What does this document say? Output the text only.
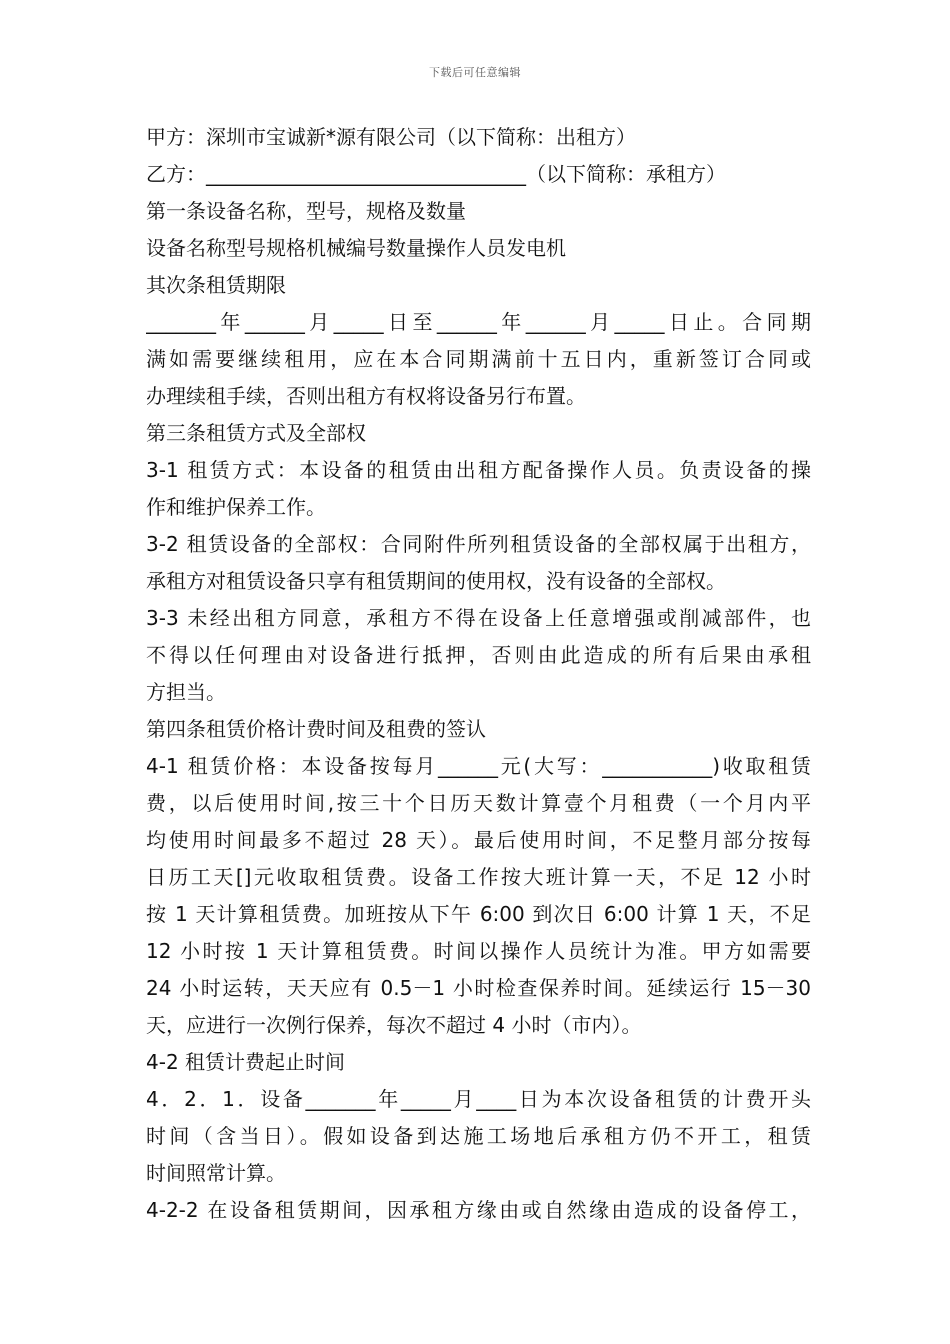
下载后可任意编辑
甲方：深圳市宝诚新*源有限公司（以下简称：出租方）
乙方：________________________________（以下简称：承租方）
第一条设备名称，型号，规格及数量
设备名称型号规格机械编号数量操作人员发电机
其次条租赁期限
_______年______月_____日至______年______月_____日止。合同期
满如需要继续租用，应在本合同期满前十五日内，重新签订合同或
办理续租手续，否则出租方有权将设备另行布置。
第三条租赁方式及全部权
3-1 租赁方式：本设备的租赁由出租方配备操作人员。负责设备的操
作和维护保养工作。
3-2 租赁设备的全部权：合同附件所列租赁设备的全部权属于出租方，
承租方对租赁设备只享有租赁期间的使用权，没有设备的全部权。
3-3 未经出租方同意，承租方不得在设备上任意增强或削减部件，也
不得以任何理由对设备进行抵押，否则由此造成的所有后果由承租
方担当。
第四条租赁价格计费时间及租费的签认
4-1 租赁价格：本设备按每月______元(大写：___________)收取租赁
费，以后使用时间,按三十个日历天数计算壹个月租费（一个月内平
均使用时间最多不超过 28 天）。最后使用时间，不足整月部分按每
日历工天[]元收取租赁费。设备工作按大班计算一天，不足 12 小时
按 1 天计算租赁费。加班按从下午 6:00 到次日 6:00 计算 1 天，不足
12 小时按 1 天计算租赁费。时间以操作人员统计为准。甲方如需要
24 小时运转，天天应有 0.5－1 小时检查保养时间。延续运行 15－30
天，应进行一次例行保养，每次不超过 4 小时（市内）。
4-2 租赁计费起止时间
4．2．1．设备_______年_____月____日为本次设备租赁的计费开头
时间（含当日）。假如设备到达施工场地后承租方仍不开工，租赁
时间照常计算。
4-2-2 在设备租赁期间，因承租方缘由或自然缘由造成的设备停工，
